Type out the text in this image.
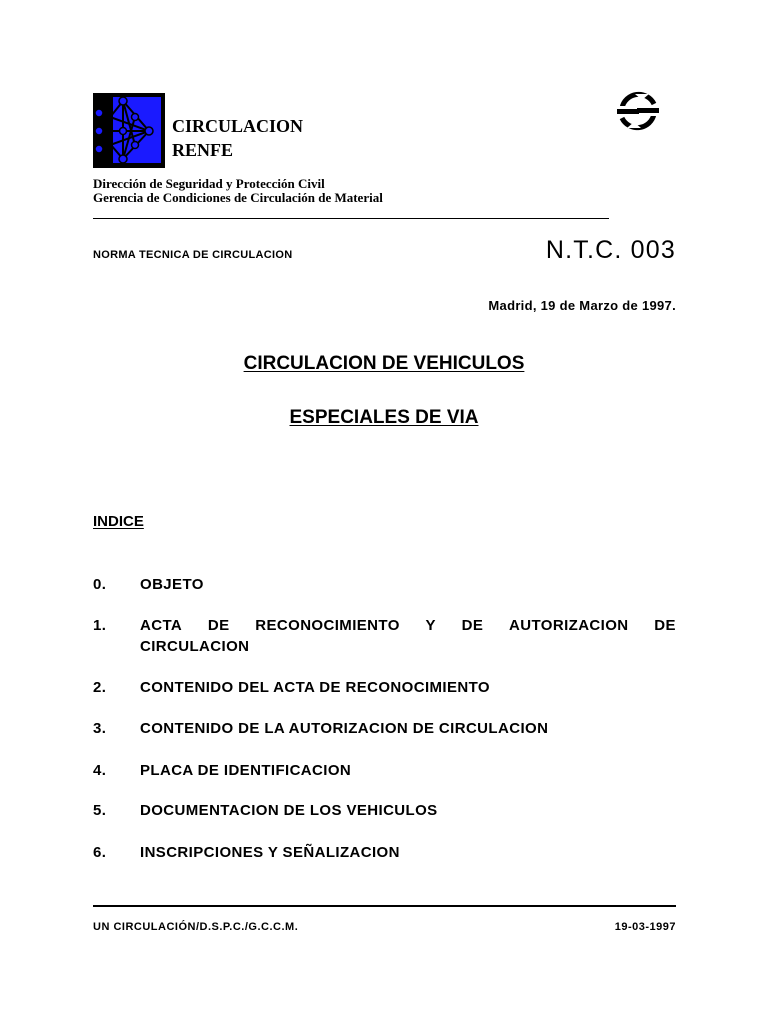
CIRCULACION
RENFE
Dirección de Seguridad y Protección Civil
Gerencia de Condiciones de Circulación de Material
NORMA TECNICA DE CIRCULACION	N.T.C. 003
Madrid, 19 de Marzo de 1997.
CIRCULACION DE VEHICULOS
ESPECIALES DE VIA
INDICE
0. OBJETO
1. ACTA DE RECONOCIMIENTO Y DE AUTORIZACION DE
CIRCULACION
2. CONTENIDO DEL ACTA DE RECONOCIMIENTO
3. CONTENIDO DE LA AUTORIZACION DE CIRCULACION
4. PLACA DE IDENTIFICACION
5. DOCUMENTACION DE LOS VEHICULOS
6. INSCRIPCIONES Y SEÑALIZACION
UN CIRCULACIÓN/D.S.P.C./G.C.C.M.	19-03-1997
